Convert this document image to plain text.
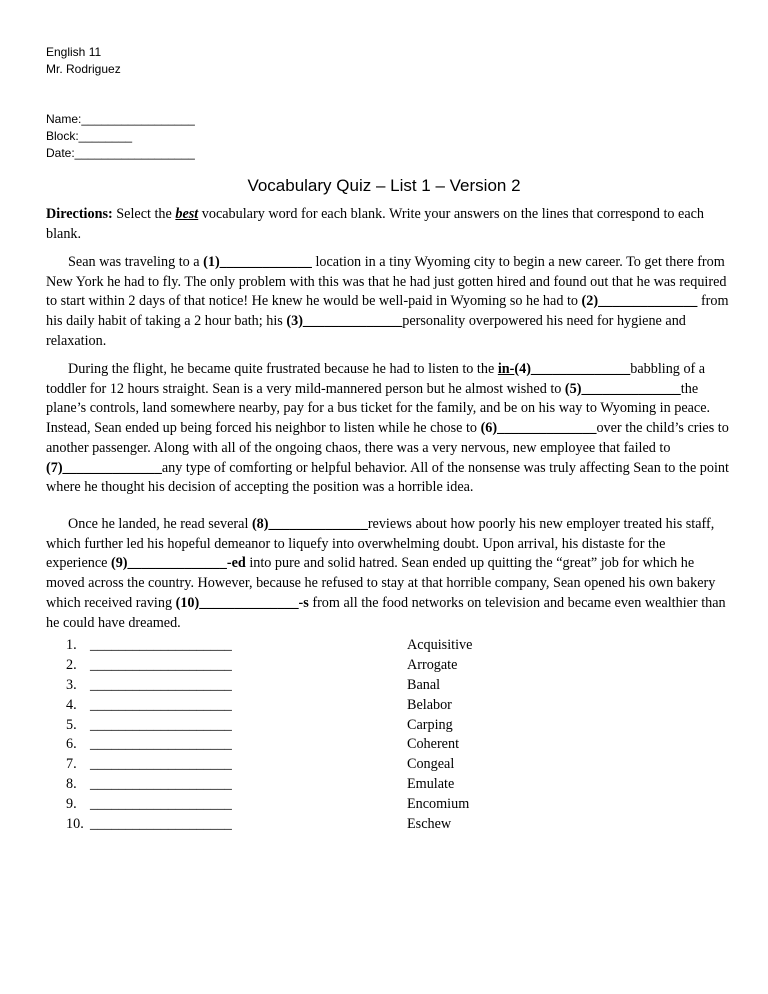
English 11
Mr. Rodriguez
Name:_________________
Block:________
Date:__________________
Vocabulary Quiz – List 1 – Version 2

Directions: Select the best vocabulary word for each blank. Write your answers on the lines that correspond to each blank.

Sean was traveling to a (1)_____________ location in a tiny Wyoming city to begin a new career. To get there from New York he had to fly. The only problem with this was that he had just gotten hired and found out that he was required to start within 2 days of that notice! He knew he would be well-paid in Wyoming so he had to (2)______________ from his daily habit of taking a 2 hour bath; his (3)______________personality overpowered his need for hygiene and relaxation.

During the flight, he became quite frustrated because he had to listen to the in-(4)______________babbling of a toddler for 12 hours straight. Sean is a very mild-mannered person but he almost wished to (5)______________the plane’s controls, land somewhere nearby, pay for a bus ticket for the family, and be on his way to Wyoming in peace. Instead, Sean ended up being forced his neighbor to listen while he chose to (6)______________over the child’s cries to another passenger. Along with all of the ongoing chaos, there was a very nervous, new employee that failed to (7)______________any type of comforting or helpful behavior. All of the nonsense was truly affecting Sean to the point where he thought his decision of accepting the position was a horrible idea.

Once he landed, he read several (8)______________reviews about how poorly his new employer treated his staff, which further led his hopeful demeanor to liquefy into overwhelming doubt. Upon arrival, his distaste for the experience (9)______________-ed into pure and solid hatred. Sean ended up quitting the “great” job for which he moved across the country. However, because he refused to stay at that horrible company, Sean opened his own bakery which received raving (10)______________-s from all the food networks on television and became even wealthier than he could have dreamed.

1. ____________________
2. ____________________
3. ____________________
4. ____________________
5. ____________________
6. ____________________
7. ____________________
8. ____________________
9. ____________________
10. ____________________
Acquisitive
Arrogate
Banal
Belabor
Carping
Coherent
Congeal
Emulate
Encomium
Eschew
